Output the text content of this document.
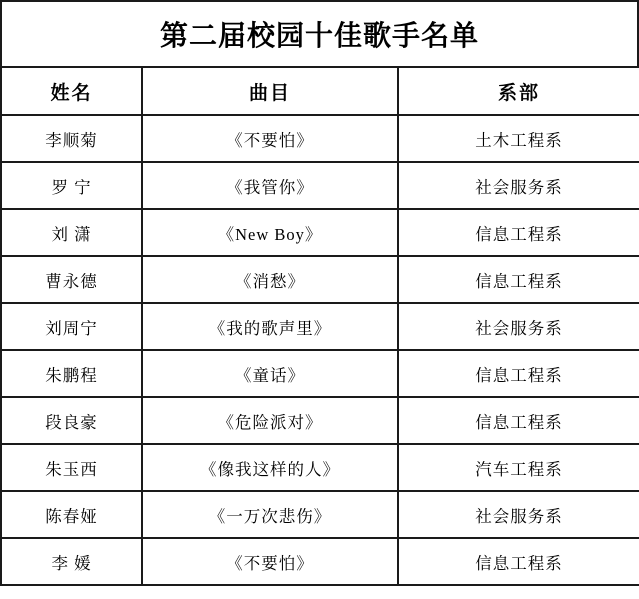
第二届校园十佳歌手名单
姓名	曲目	系部
李顺菊	《不要怕》	土木工程系
罗 宁	《我管你》	社会服务系
刘 潇	《New Boy》	信息工程系
曹永德	《消愁》	信息工程系
刘周宁	《我的歌声里》	社会服务系
朱鹏程	《童话》	信息工程系
段良豪	《危险派对》	信息工程系
朱玉西	《像我这样的人》	汽车工程系
陈春娅	《一万次悲伤》	社会服务系
李 媛	《不要怕》	信息工程系
